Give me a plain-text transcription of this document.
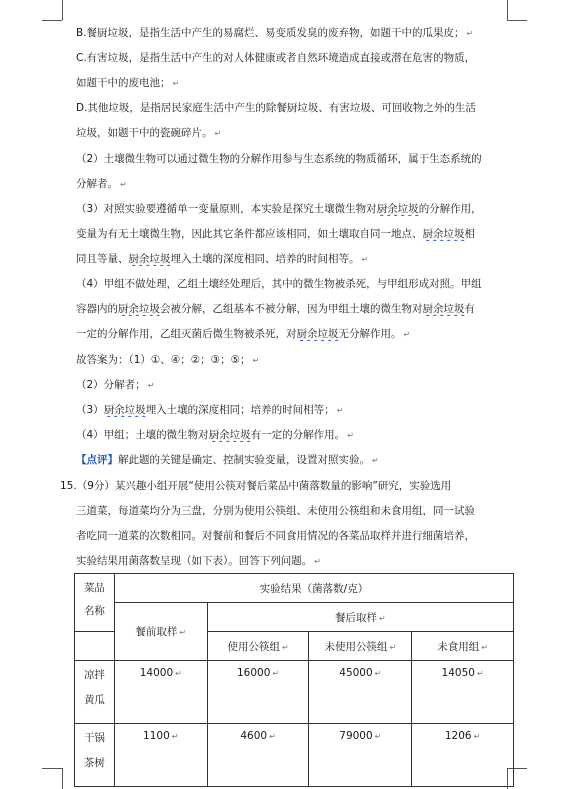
B.餐厨垃圾，是指生活中产生的易腐烂、易变质发臭的废弃物，如题干中的瓜果皮； ↵
C.有害垃圾，是指生活中产生的对人体健康或者自然环境造成直接或潜在危害的物质，
如题干中的废电池； ↵
D.其他垃圾，是指居民家庭生活中产生的除餐厨垃圾、有害垃圾、可回收物之外的生活
垃圾，如题干中的瓷碗碎片。 ↵
（2）土壤微生物可以通过微生物的分解作用参与生态系统的物质循环，属于生态系统的
分解者。 ↵
（3）对照实验要遵循单一变量原则，本实验是探究土壤微生物对厨余垃圾的分解作用，
变量为有无土壤微生物，因此其它条件都应该相同，如土壤取自同一地点、厨余垃圾相
同且等量、厨余垃圾埋入土壤的深度相同、培养的时间相等。 ↵
（4）甲组不做处理，乙组土壤经处理后，其中的微生物被杀死，与甲组形成对照。甲组
容器内的厨余垃圾会被分解，乙组基本不被分解，因为甲组土壤的微生物对厨余垃圾有
一定的分解作用，乙组灭菌后微生物被杀死，对厨余垃圾无分解作用。 ↵
故答案为：（1）①、④；②；③；⑤； ↵
（2）分解者； ↵
（3）厨余垃圾埋入土壤的深度相同；培养的时间相等； ↵
（4）甲组；土壤的微生物对厨余垃圾有一定的分解作用。 ↵
【点评】解此题的关键是确定、控制实验变量，设置对照实验。 ↵
15.（9分）某兴趣小组开展“使用公筷对餐后菜品中菌落数量的影响”研究，实验选用
三道菜，每道菜均分为三盘，分别为使用公筷组、未使用公筷组和未食用组，同一试验
者吃同一道菜的次数相同。对餐前和餐后不同食用情况的各菜品取样并进行细菌培养，
实验结果用菌落数呈现（如下表）。回答下列问题。 ↵
菜品
名称	实验结果（菌落数/克）			
	餐前取样 ↵	餐后取样 ↵		
		使用公筷组 ↵	未使用公筷组 ↵	未食用组 ↵

凉拌
黄瓜	14000 ↵	16000 ↵	45000 ↵	14050 ↵

干锅
茶树	1100 ↵	4600 ↵	79000 ↵	1206 ↵
